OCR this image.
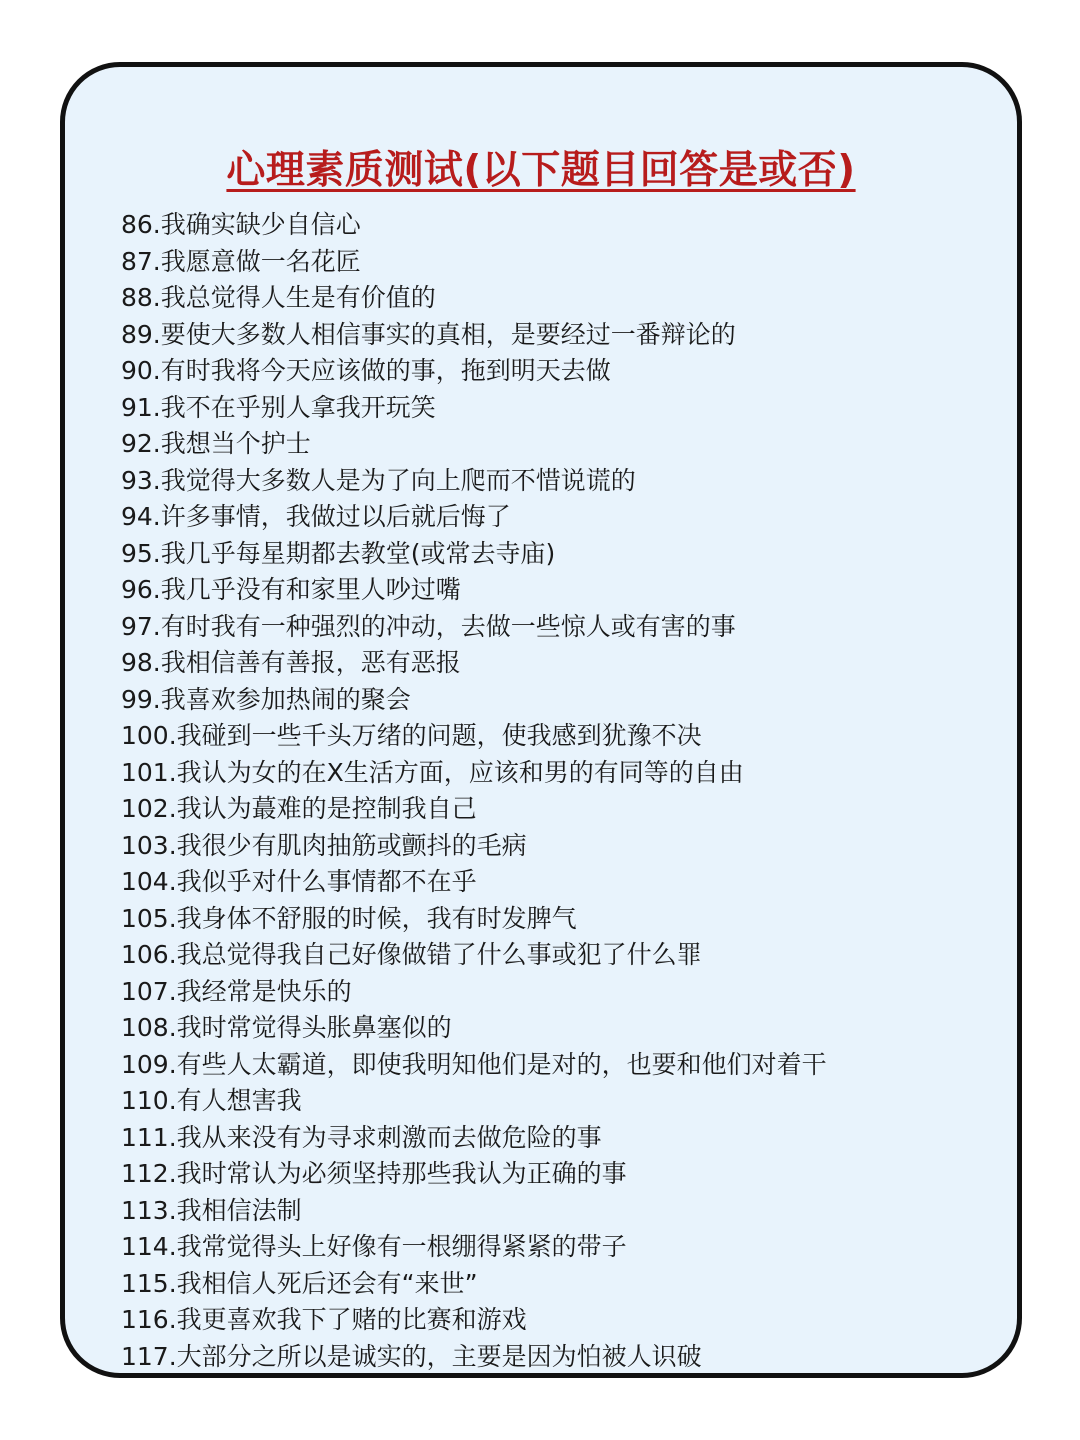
心理素质测试(以下题目回答是或否)
86.我确实缺少自信心
87.我愿意做一名花匠
88.我总觉得人生是有价值的
89.要使大多数人相信事实的真相，是要经过一番辩论的
90.有时我将今天应该做的事，拖到明天去做
91.我不在乎别人拿我开玩笑
92.我想当个护士
93.我觉得大多数人是为了向上爬而不惜说谎的
94.许多事情，我做过以后就后悔了
95.我几乎每星期都去教堂(或常去寺庙)
96.我几乎没有和家里人吵过嘴
97.有时我有一种强烈的冲动，去做一些惊人或有害的事
98.我相信善有善报，恶有恶报
99.我喜欢参加热闹的聚会
100.我碰到一些千头万绪的问题，使我感到犹豫不决
101.我认为女的在X生活方面，应该和男的有同等的自由
102.我认为蕞难的是控制我自己
103.我很少有肌肉抽筋或颤抖的毛病
104.我似乎对什么事情都不在乎
105.我身体不舒服的时候，我有时发脾气
106.我总觉得我自己好像做错了什么事或犯了什么罪
107.我经常是快乐的
108.我时常觉得头胀鼻塞似的
109.有些人太霸道，即使我明知他们是对的，也要和他们对着干
110.有人想害我
111.我从来没有为寻求刺激而去做危险的事
112.我时常认为必须坚持那些我认为正确的事
113.我相信法制
114.我常觉得头上好像有一根绷得紧紧的带子
115.我相信人死后还会有“来世”
116.我更喜欢我下了赌的比赛和游戏
117.大部分之所以是诚实的，主要是因为怕被人识破
